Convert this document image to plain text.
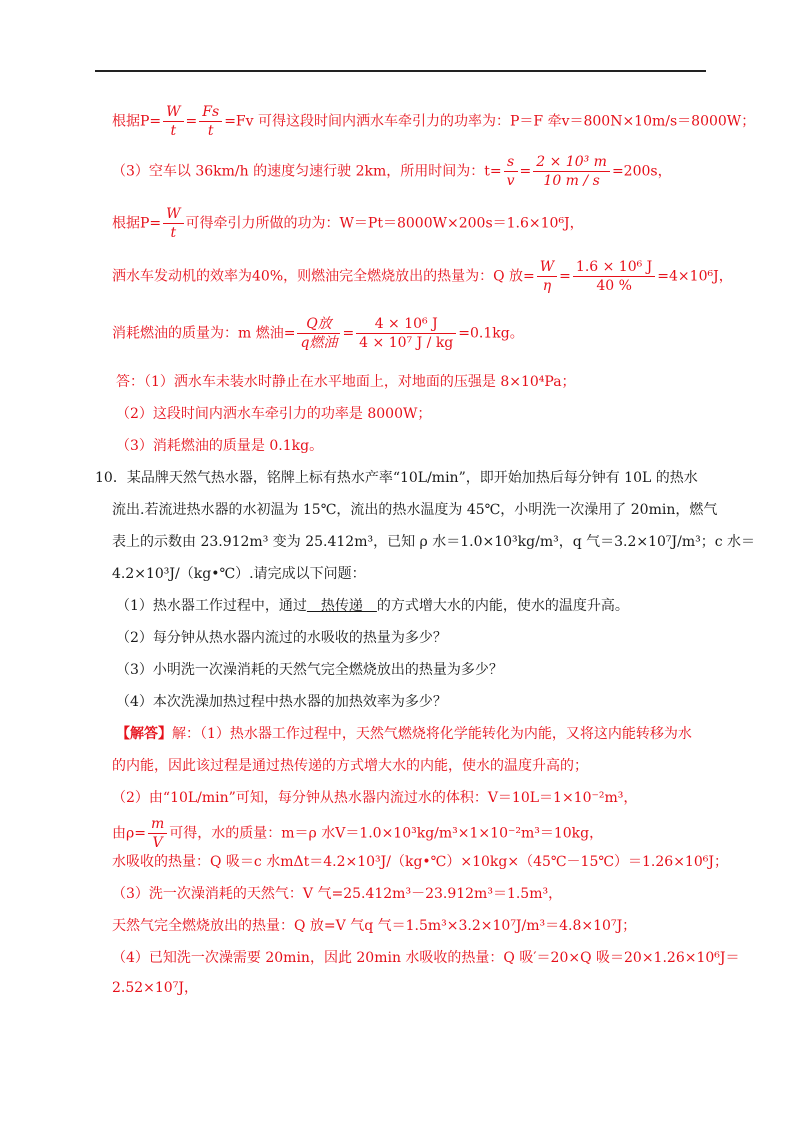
根据$P= \frac{W}{t} = \frac{Fs}{t} =Fv$ 可得这段时间内洒水车牵引力的功率为：P＝F 牵v＝800N×10m/s＝8000W；
（3）空车以 36km/h 的速度匀速行驶 2km，所用时间为：$t= \frac{s}{v} = \frac{\text{2 × 10³ m}}{10 m / s} =200s$，
根据$P= \frac{W}{t}$ 可得牵引力所做的功为：W＝Pt＝8000W×200s＝1.6×10⁶J，
洒水车发动机的效率为40%，则燃油完全燃烧放出的热量为：Q 放= $\frac{W}{\eta} = \frac{\text{1.6 × 10⁶ J}}{40 \%} =4\times 10^6J$，
消耗燃油的质量为：m 燃油= $\frac{\text{Q放}}{\text{q燃油}} = \frac{\text{4 × 10⁶ J}}{\text{4 × 10⁷ J / kg}} =0.1kg$。
答：（1）洒水车未装水时静止在水平地面上，对地面的压强是 8×10⁴Pa；
（2）这段时间内洒水车牵引力的功率是 8000W；
（3）消耗燃油的质量是 0.1kg。
10．某品牌天然气热水器，铭牌上标有热水产率“10L/min”，即开始加热后每分钟有 10L 的热水
流出.若流进热水器的水初温为 15℃，流出的热水温度为 45℃，小明洗一次澡用了 20min，燃气
表上的示数由 23.912m³ 变为 25.412m³，已知 ρ 水＝1.0×10³kg/m³，q 气＝3.2×10⁷J/m³；c 水＝
4.2×10³J/（kg•℃）.请完成以下问题：
（1）热水器工作过程中，通过　热传递　的方式增大水的内能，使水的温度升高。
（2）每分钟从热水器内流过的水吸收的热量为多少？
（3）小明洗一次澡消耗的天然气完全燃烧放出的热量为多少？
（4）本次洗澡加热过程中热水器的加热效率为多少？
【解答】解：（1）热水器工作过程中，天然气燃烧将化学能转化为内能，又将这内能转移为水
的内能，因此该过程是通过热传递的方式增大水的内能，使水的温度升高的；
（2）由“10L/min”可知，每分钟从热水器内流过水的体积：V＝10L＝1×10⁻²m³，
由$\rho= \frac{m}{V}$ 可得，水的质量：m＝ρ 水V＝1.0×10³kg/m³×1×10⁻²m³＝10kg，
水吸收的热量：Q 吸＝c 水mΔt＝4.2×10³J/（kg•℃）×10kg×（45℃－15℃）＝1.26×10⁶J；
（3）洗一次澡消耗的天然气：V 气=25.412m³－23.912m³＝1.5m³，
天然气完全燃烧放出的热量：Q 放=V 气q 气＝1.5m³×3.2×10⁷J/m³＝4.8×10⁷J；
（4）已知洗一次澡需要 20min，因此 20min 水吸收的热量：Q 吸′＝20×Q 吸＝20×1.26×10⁶J＝
2.52×10⁷J，
